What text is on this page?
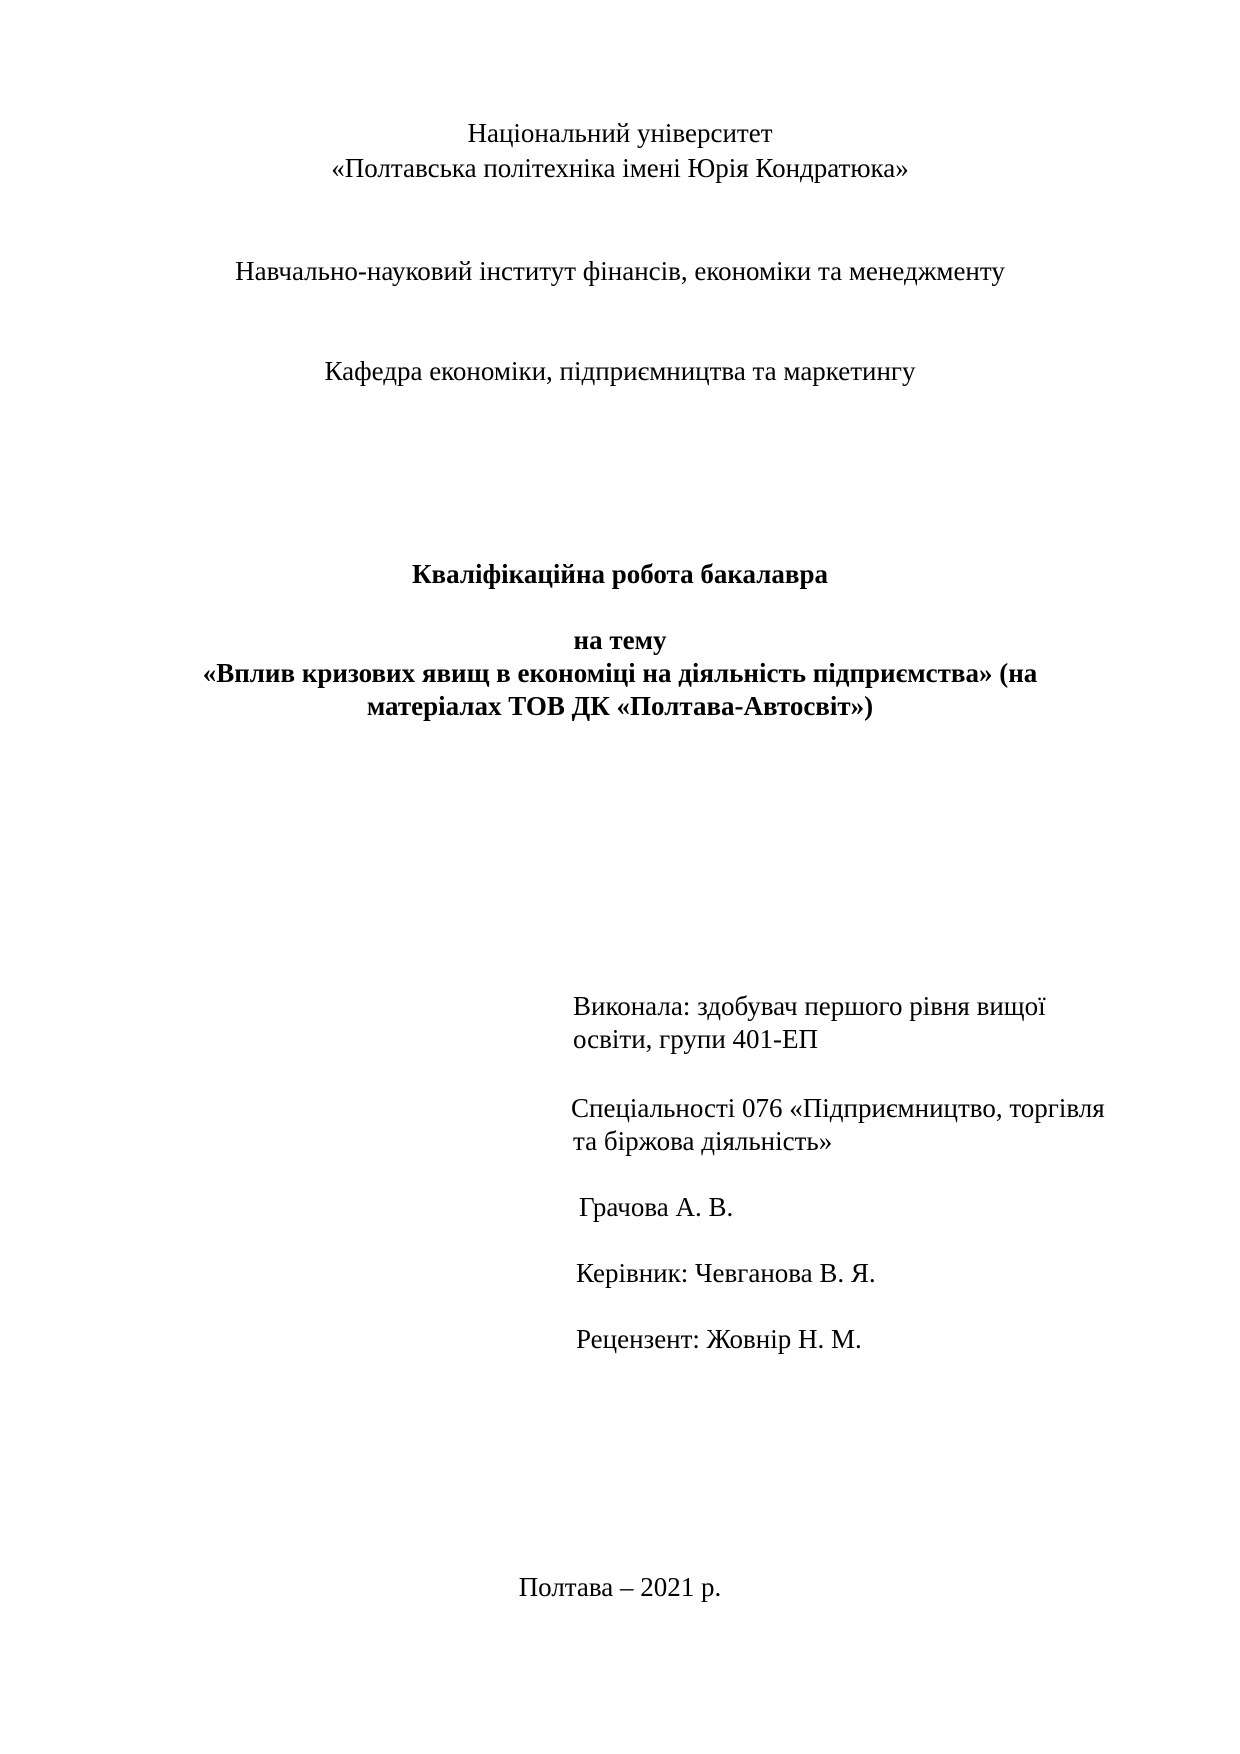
Національний університет
«Полтавська політехніка імені Юрія Кондратюка»
Навчально-науковий інститут фінансів, економіки та менеджменту
Кафедра економіки, підприємництва та маркетингу
Кваліфікаційна робота бакалавра
на тему
«Вплив кризових явищ в економіці на діяльність підприємства» (на
матеріалах ТОВ ДК «Полтава-Автосвіт»)
Виконала: здобувач першого рівня вищої
освіти, групи 401-ЕП
Спеціальності 076 «Підприємництво, торгівля
та біржова діяльність»
Грачова А. В.
Керівник: Чевганова В. Я.
Рецензент: Жовнір Н. М.
Полтава – 2021 р.
